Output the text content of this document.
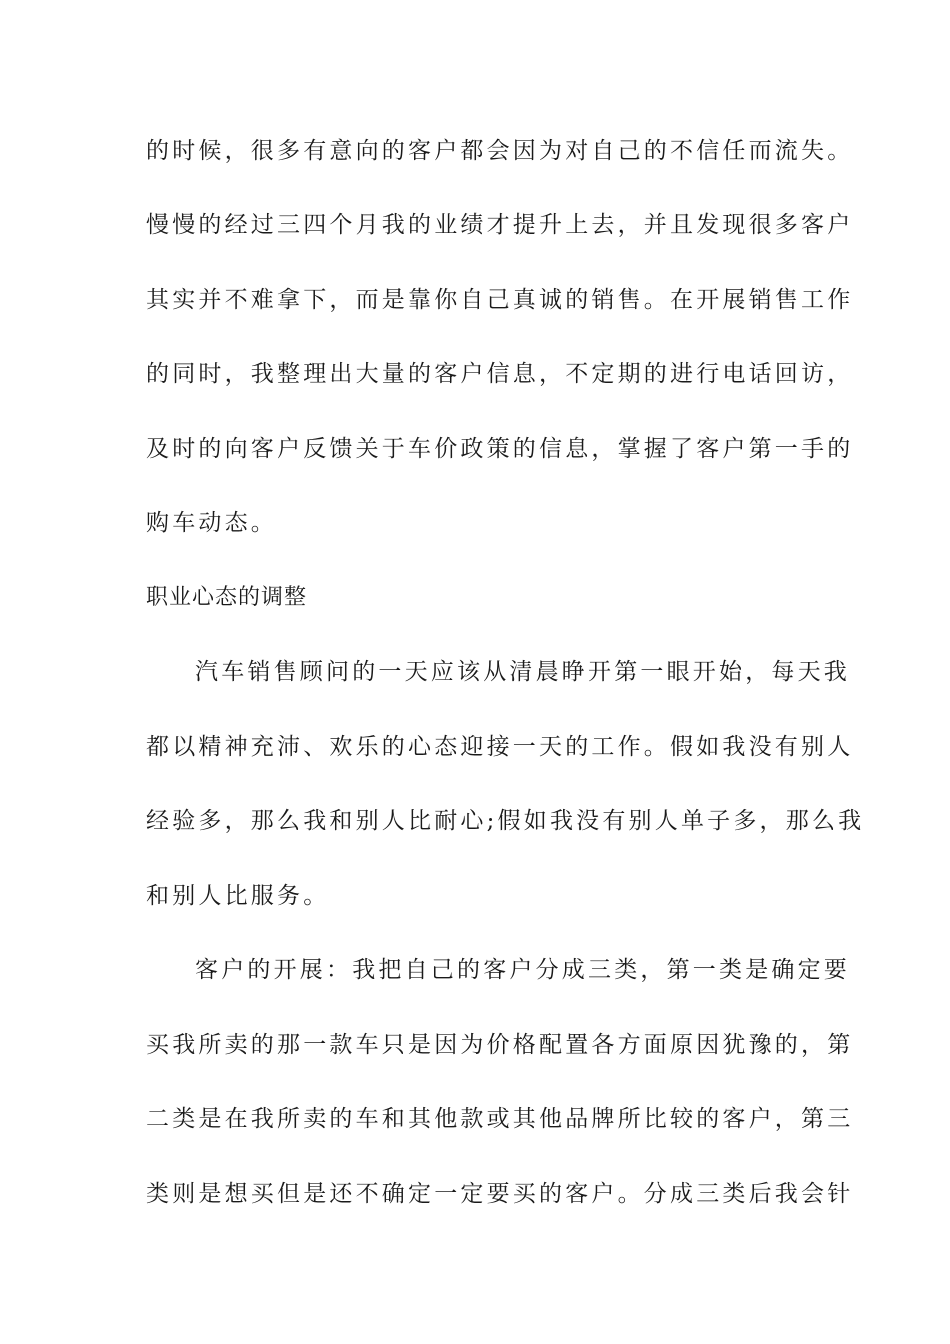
的时候，很多有意向的客户都会因为对自己的不信任而流失。
慢慢的经过三四个月我的业绩才提升上去，并且发现很多客户
其实并不难拿下，而是靠你自己真诚的销售。在开展销售工作
的同时，我整理出大量的客户信息，不定期的进行电话回访，
及时的向客户反馈关于车价政策的信息，掌握了客户第一手的
购车动态。
职业心态的调整
汽车销售顾问的一天应该从清晨睁开第一眼开始，每天我
都以精神充沛、欢乐的心态迎接一天的工作。假如我没有别人
经验多，那么我和别人比耐心;假如我没有别人单子多，那么我
和别人比服务。
客户的开展：我把自己的客户分成三类，第一类是确定要
买我所卖的那一款车只是因为价格配置各方面原因犹豫的，第
二类是在我所卖的车和其他款或其他品牌所比较的客户，第三
类则是想买但是还不确定一定要买的客户。分成三类后我会针
